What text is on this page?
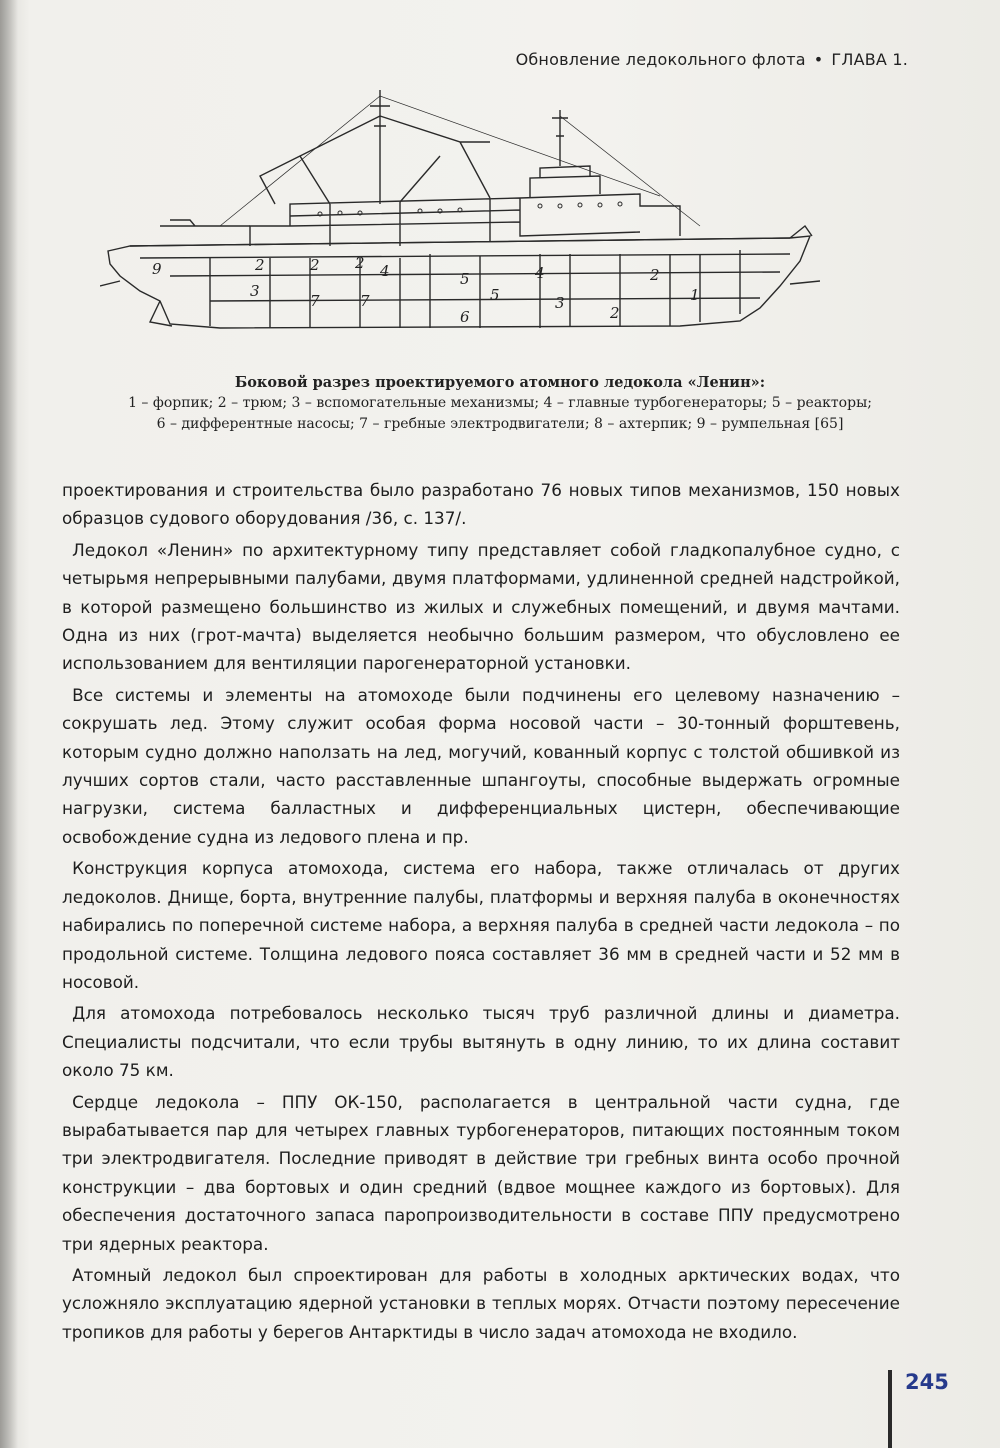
Обновление ледокольного флота • ГЛАВА 1.
9	2	2 2
3
7	7
4	4
5
5
6
3
2
2
1
Боковой разрез проектируемого атомного ледокола «Ленин»:
1 – форпик; 2 – трюм; 3 – вспомогательные механизмы; 4 – главные турбогенераторы; 5 – реакторы;
6 – дифферентные насосы; 7 – гребные электродвигатели; 8 – ахтерпик; 9 – румпельная [65]

проектирования и строительства было разработано 76 новых типов механизмов, 150 новых образцов судового оборудования /36, с. 137/.

Ледокол «Ленин» по архитектурному типу представляет собой гладкопалубное судно, с четырьмя непрерывными палубами, двумя платформами, удлиненной средней надстройкой, в которой размещено большинство из жилых и служебных помещений, и двумя мачтами. Одна из них (грот-мачта) выделяется необычно большим размером, что обусловлено ее использованием для вентиляции парогенераторной установки.

Все системы и элементы на атомоходе были подчинены его целевому назначению – сокрушать лед. Этому служит особая форма носовой части – 30-тонный форштевень, которым судно должно наползать на лед, могучий, кованный корпус с толстой обшивкой из лучших сортов стали, часто расставленные шпангоуты, способные выдержать огромные нагрузки, система балластных и дифференциальных цистерн, обеспечивающие освобождение судна из ледового плена и пр.

Конструкция корпуса атомохода, система его набора, также отличалась от других ледоколов. Днище, борта, внутренние палубы, платформы и верхняя палуба в оконечностях набирались по поперечной системе набора, а верхняя палуба в средней части ледокола – по продольной системе. Толщина ледового пояса составляет 36 мм в средней части и 52 мм в носовой.

Для атомохода потребовалось несколько тысяч труб различной длины и диаметра. Специалисты подсчитали, что если трубы вытянуть в одну линию, то их длина составит около 75 км.

Сердце ледокола – ППУ ОК-150, располагается в центральной части судна, где вырабатывается пар для четырех главных турбогенераторов, питающих постоянным током три электродвигателя. Последние приводят в действие три гребных винта особо прочной конструкции – два бортовых и один средний (вдвое мощнее каждого из бортовых). Для обеспечения достаточного запаса паропроизводительности в составе ППУ предусмотрено три ядерных реактора.

Атомный ледокол был спроектирован для работы в холодных арктических водах, что усложняло эксплуатацию ядерной установки в теплых морях. Отчасти поэтому пересечение тропиков для работы у берегов Антарктиды в число задач атомохода не входило.

245
